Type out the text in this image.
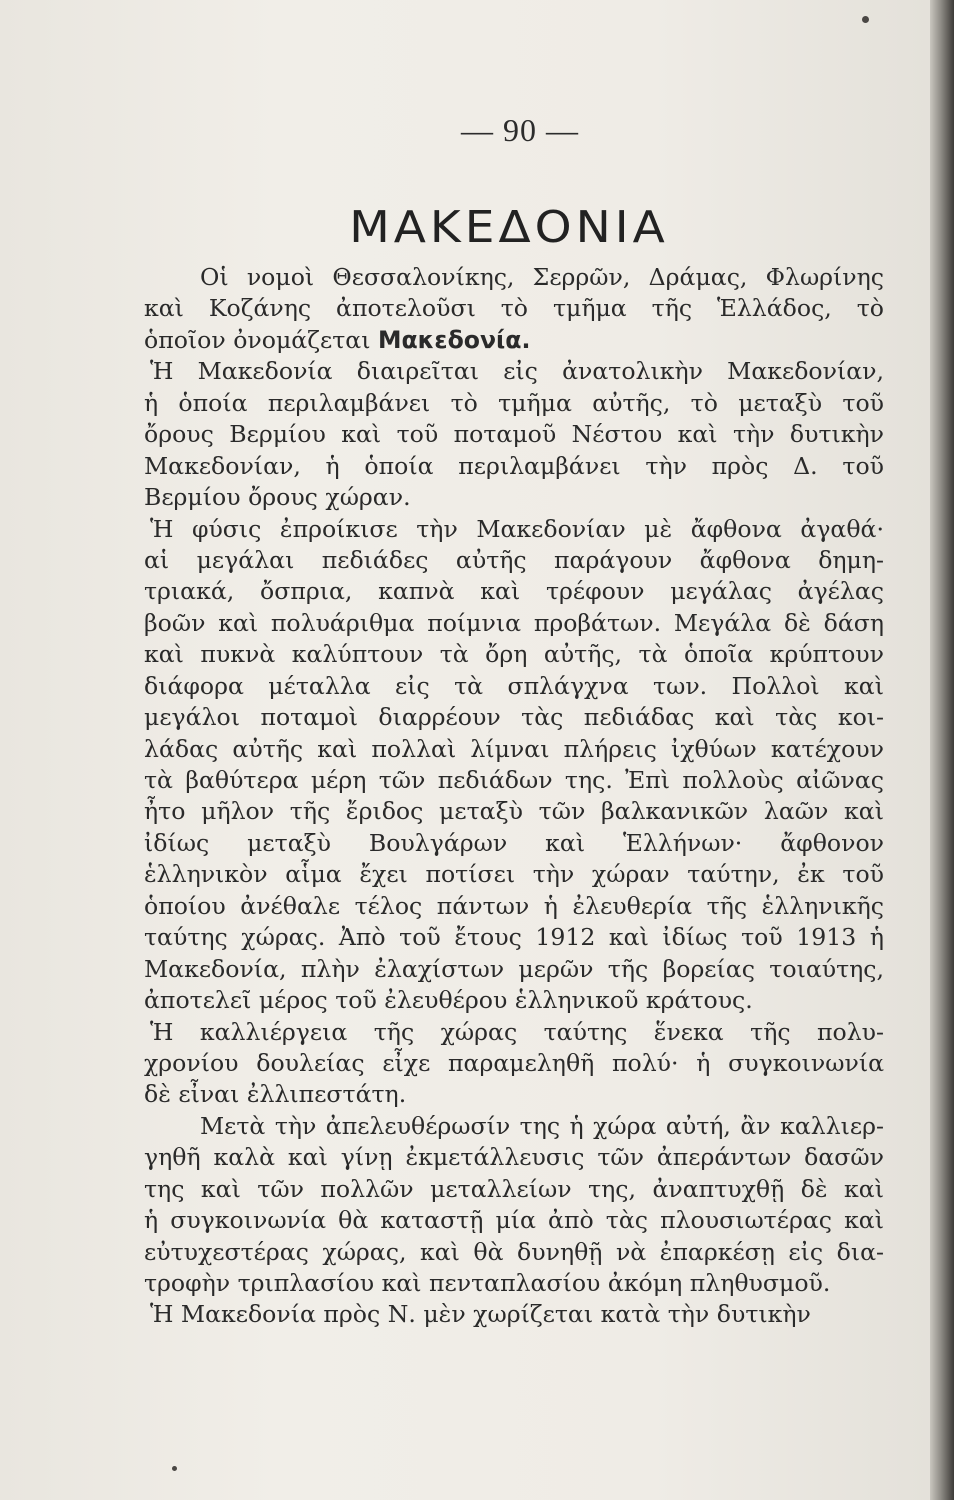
— 90 —
ΜΑΚΕΔΟΝΙΑ

Οἱ νομοὶ Θεσσαλονίκης, Σερρῶν, Δράμας, Φλωρίνης
καὶ Κοζάνης ἀποτελοῦσι τὸ τμῆμα τῆς Ἑλλάδος, τὸ
ὁποῖον ὀνομάζεται Μακεδονία.

Ἡ Μακεδονία διαιρεῖται εἰς ἀνατολικὴν Μακεδονίαν,
ἡ ὁποία περιλαμβάνει τὸ τμῆμα αὐτῆς, τὸ μεταξὺ τοῦ
ὄρους Βερμίου καὶ τοῦ ποταμοῦ Νέστου καὶ τὴν δυτικὴν
Μακεδονίαν, ἡ ὁποία περιλαμβάνει τὴν πρὸς Δ. τοῦ
Βερμίου ὄρους χώραν.

Ἡ φύσις ἐπροίκισε τὴν Μακεδονίαν μὲ ἄφθονα ἀγαθά·
αἱ μεγάλαι πεδιάδες αὐτῆς παράγουν ἄφθονα δημη-
τριακά, ὄσπρια, καπνὰ καὶ τρέφουν μεγάλας ἀγέλας
βοῶν καὶ πολυάριθμα ποίμνια προβάτων. Μεγάλα δὲ δάση
καὶ πυκνὰ καλύπτουν τὰ ὄρη αὐτῆς, τὰ ὁποῖα κρύπτουν
διάφορα μέταλλα εἰς τὰ σπλάγχνα των. Πολλοὶ καὶ
μεγάλοι ποταμοὶ διαρρέουν τὰς πεδιάδας καὶ τὰς κοι-
λάδας αὐτῆς καὶ πολλαὶ λίμναι πλήρεις ἰχθύων κατέχουν
τὰ βαθύτερα μέρη τῶν πεδιάδων της. Ἐπὶ πολλοὺς αἰῶνας
ἦτο μῆλον τῆς ἔριδος μεταξὺ τῶν βαλκανικῶν λαῶν καὶ
ἰδίως μεταξὺ Βουλγάρων καὶ Ἑλλήνων· ἄφθονον
ἑλληνικὸν αἷμα ἔχει ποτίσει τὴν χώραν ταύτην, ἐκ τοῦ
ὁποίου ἀνέθαλε τέλος πάντων ἡ ἐλευθερία τῆς ἑλληνικῆς
ταύτης χώρας. Ἀπὸ τοῦ ἔτους 1912 καὶ ἰδίως τοῦ 1913 ἡ
Μακεδονία, πλὴν ἐλαχίστων μερῶν τῆς βορείας τοιαύτης,
ἀποτελεῖ μέρος τοῦ ἐλευθέρου ἑλληνικοῦ κράτους.

Ἡ καλλιέργεια τῆς χώρας ταύτης ἕνεκα τῆς πολυ-
χρονίου δουλείας εἶχε παραμεληθῆ πολύ· ἡ συγκοινωνία
δὲ εἶναι ἐλλιπεστάτη.

Μετὰ τὴν ἀπελευθέρωσίν της ἡ χώρα αὐτή, ἂν καλλιερ-
γηθῆ καλὰ καὶ γίνῃ ἐκμετάλλευσις τῶν ἀπεράντων δασῶν
της καὶ τῶν πολλῶν μεταλλείων της, ἀναπτυχθῇ δὲ καὶ
ἡ συγκοινωνία θὰ καταστῇ μία ἀπὸ τὰς πλουσιωτέρας καὶ
εὐτυχεστέρας χώρας, καὶ θὰ δυνηθῇ νὰ ἐπαρκέσῃ εἰς δια-
τροφὴν τριπλασίου καὶ πενταπλασίου ἀκόμη πληθυσμοῦ.

Ἡ Μακεδονία πρὸς Ν. μὲν χωρίζεται κατὰ τὴν δυτικὴν
